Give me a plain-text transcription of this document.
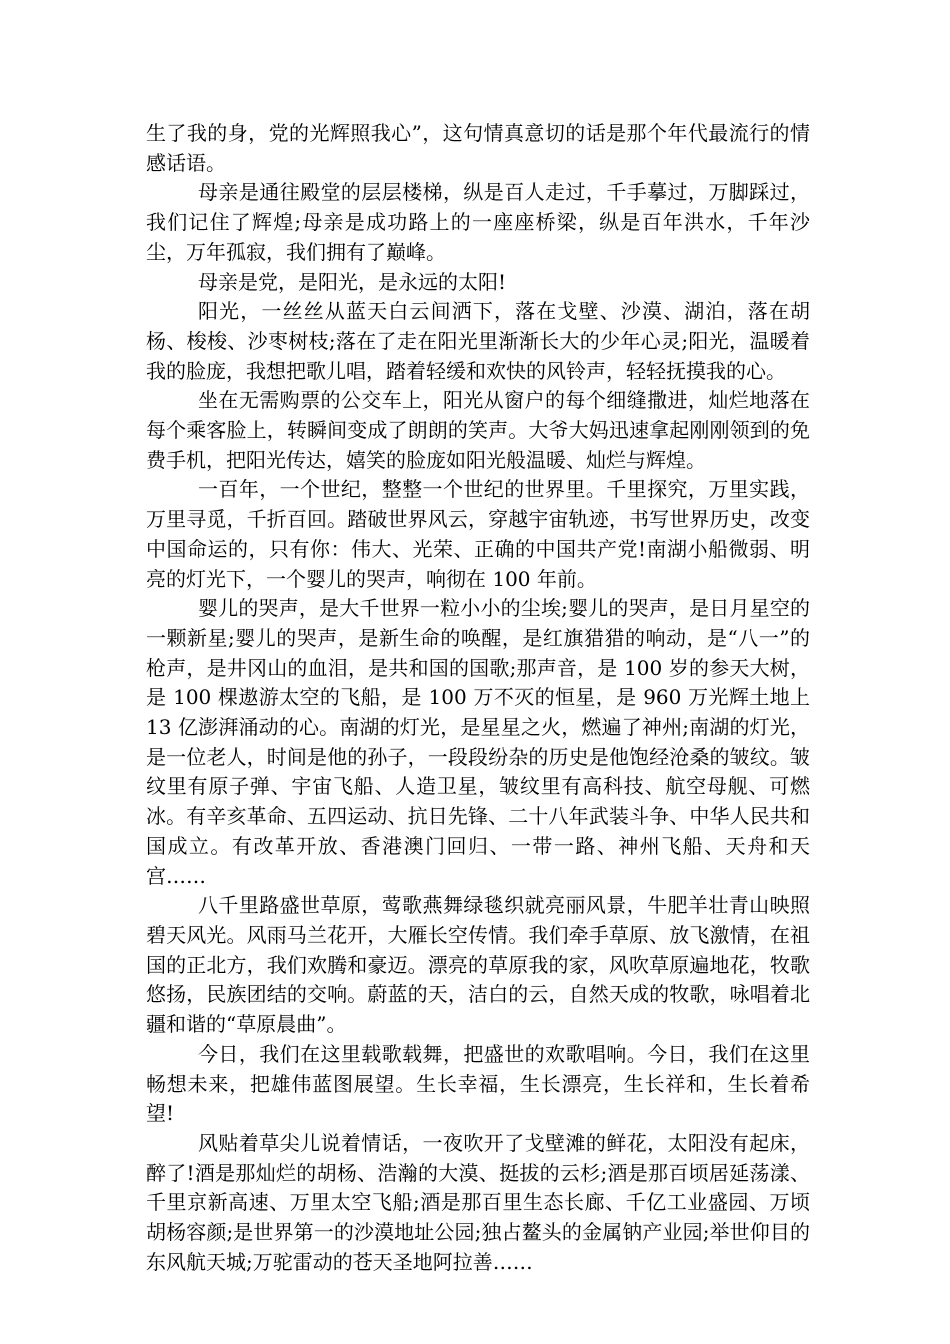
生了我的身，党的光辉照我心”，这句情真意切的话是那个年代最流行的情感话语。

母亲是通往殿堂的层层楼梯，纵是百人走过，千手摹过，万脚踩过，我们记住了辉煌;母亲是成功路上的一座座桥梁，纵是百年洪水，千年沙尘，万年孤寂，我们拥有了巅峰。

母亲是党，是阳光，是永远的太阳!

阳光，一丝丝从蓝天白云间洒下，落在戈壁、沙漠、湖泊，落在胡杨、梭梭、沙枣树枝;落在了走在阳光里渐渐长大的少年心灵;阳光，温暖着我的脸庞，我想把歌儿唱，踏着轻缓和欢快的风铃声，轻轻抚摸我的心。

坐在无需购票的公交车上，阳光从窗户的每个细缝撒进，灿烂地落在每个乘客脸上，转瞬间变成了朗朗的笑声。大爷大妈迅速拿起刚刚领到的免费手机，把阳光传达，嬉笑的脸庞如阳光般温暖、灿烂与辉煌。

一百年，一个世纪，整整一个世纪的世界里。千里探究，万里实践，万里寻觅，千折百回。踏破世界风云，穿越宇宙轨迹，书写世界历史，改变中国命运的，只有你：伟大、光荣、正确的中国共产党!南湖小船微弱、明亮的灯光下，一个婴儿的哭声，响彻在 100 年前。

婴儿的哭声，是大千世界一粒小小的尘埃;婴儿的哭声，是日月星空的一颗新星;婴儿的哭声，是新生命的唤醒，是红旗猎猎的响动，是“八一”的枪声，是井冈山的血泪，是共和国的国歌;那声音，是 100 岁的参天大树，是 100 棵遨游太空的飞船，是 100 万不灭的恒星，是 960 万光辉土地上 13 亿澎湃涌动的心。南湖的灯光，是星星之火，燃遍了神州;南湖的灯光，是一位老人，时间是他的孙子，一段段纷杂的历史是他饱经沧桑的皱纹。皱纹里有原子弹、宇宙飞船、人造卫星，皱纹里有高科技、航空母舰、可燃冰。有辛亥革命、五四运动、抗日先锋、二十八年武装斗争、中华人民共和国成立。有改革开放、香港澳门回归、一带一路、神州飞船、天舟和天宫……

八千里路盛世草原，莺歌燕舞绿毯织就亮丽风景，牛肥羊壮青山映照碧天风光。风雨马兰花开，大雁长空传情。我们牵手草原、放飞激情，在祖国的正北方，我们欢腾和豪迈。漂亮的草原我的家，风吹草原遍地花，牧歌悠扬，民族团结的交响。蔚蓝的天，洁白的云，自然天成的牧歌，咏唱着北疆和谐的“草原晨曲”。

今日，我们在这里载歌载舞，把盛世的欢歌唱响。今日，我们在这里畅想未来，把雄伟蓝图展望。生长幸福，生长漂亮，生长祥和，生长着希望!

风贴着草尖儿说着情话，一夜吹开了戈壁滩的鲜花，太阳没有起床，醉了!酒是那灿烂的胡杨、浩瀚的大漠、挺拔的云杉;酒是那百顷居延荡漾、千里京新高速、万里太空飞船;酒是那百里生态长廊、千亿工业盛园、万顷胡杨容颜;是世界第一的沙漠地址公园;独占鳌头的金属钠产业园;举世仰目的东风航天城;万驼雷动的苍天圣地阿拉善……
